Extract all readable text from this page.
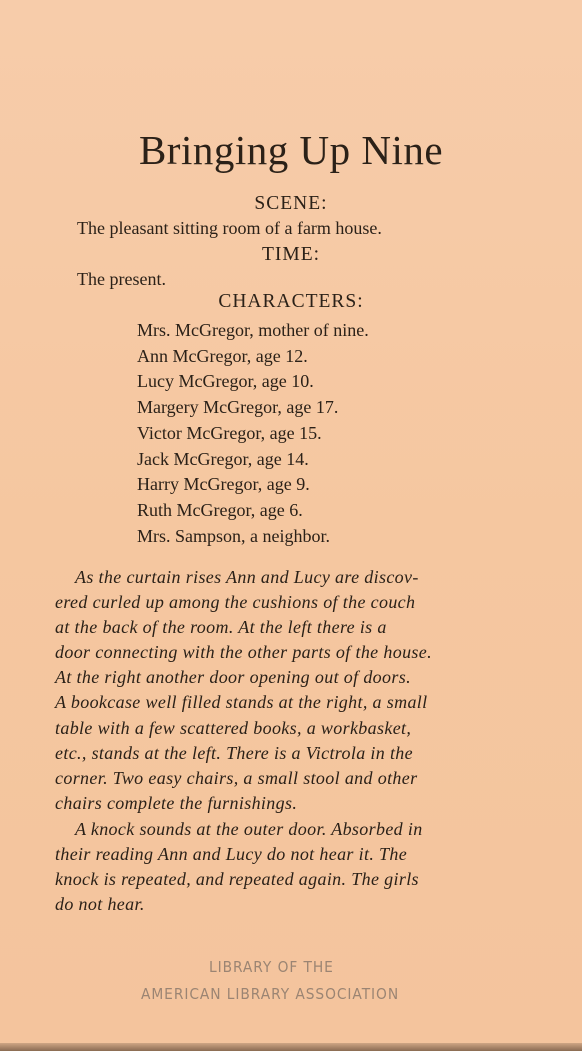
Bringing Up Nine
SCENE:
The pleasant sitting room of a farm house.
TIME:
The present.
CHARACTERS:
Mrs. McGregor, mother of nine.
Ann McGregor, age 12.
Lucy McGregor, age 10.
Margery McGregor, age 17.
Victor McGregor, age 15.
Jack McGregor, age 14.
Harry McGregor, age 9.
Ruth McGregor, age 6.
Mrs. Sampson, a neighbor.
As the curtain rises Ann and Lucy are discov-
ered curled up among the cushions of the couch
at the back of the room. At the left there is a
door connecting with the other parts of the house.
At the right another door opening out of doors.
A bookcase well filled stands at the right, a small
table with a few scattered books, a workbasket,
etc., stands at the left. There is a Victrola in the
corner. Two easy chairs, a small stool and other
chairs complete the furnishings.
A knock sounds at the outer door. Absorbed in
their reading Ann and Lucy do not hear it. The
knock is repeated, and repeated again. The girls
do not hear.
LIBRARY OF THE
AMERICAN LIBRARY ASSOCIATION
